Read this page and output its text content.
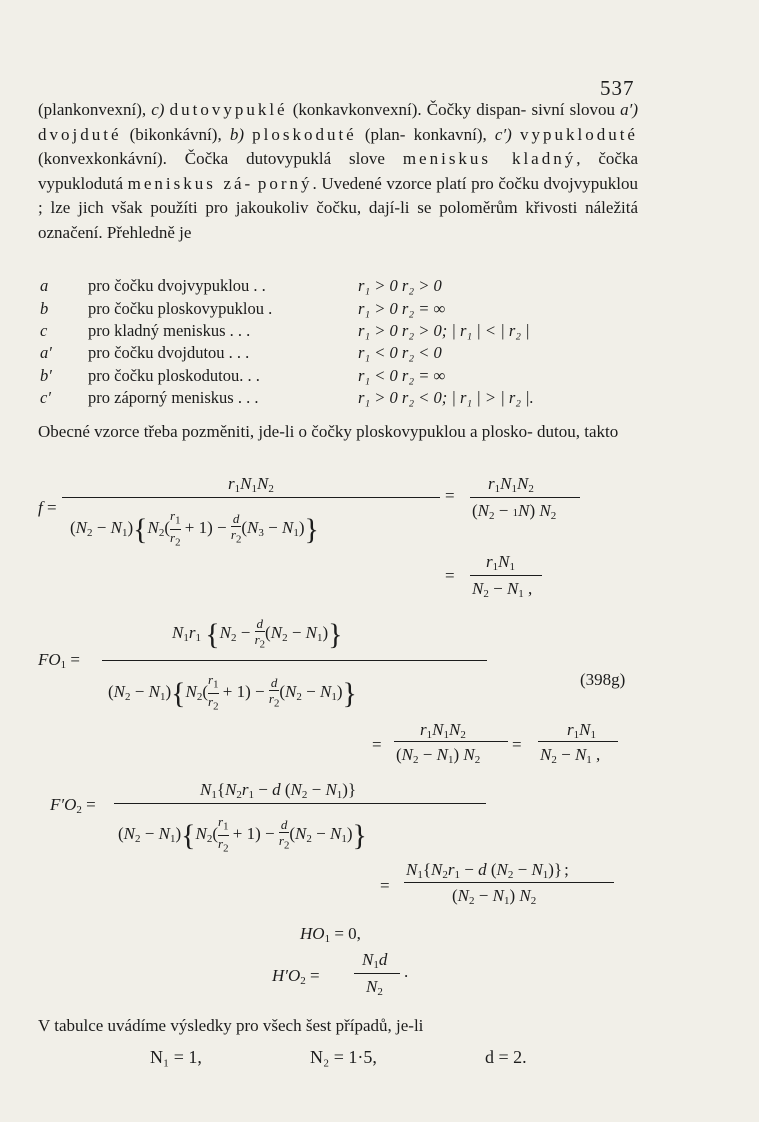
537

(plankonvexní), c) dutovypuklé (konkavkonvexní). Čočky dispan- sivní slovou a′) dvojduté (bikonkávní), b) ploskoduté (plan- konkavní), c′) vypukloduté (konvexkonkávní). Čočka dutovypuklá slove meniskus kladný, čočka vypuklodutá meniskus zá- porný. Uvedené vzorce platí pro čočku dvojvypuklou ; lze jich však použíti pro jakoukoliv čočku, dají-li se poloměrům křivosti náležitá označení. Přehledně je

a	pro čočku dvojvypuklou . .	r₁ > 0 r₂ > 0
b	pro čočku ploskovypuklou .	r₁ > 0 r₂ = ∞
c	pro kladný meniskus . . .	r₁ > 0 r₂ > 0; | r₁ | < | r₂ |
a′	pro čočku dvojdutou . . .	r₁ < 0 r₂ < 0
b′	pro čočku ploskodutou. . .	r₁ < 0 r₂ = ∞
c′	pro záporný meniskus . . .	r₁ > 0 r₂ < 0; | r₁ | > | r₂ |.

Obecné vzorce třeba pozměniti, jde-li o čočky ploskovypuklou a plosko- dutou, takto

f =
$r_1N_1N_2$
$(N_2 - N_1)\{N_2(r_1$

$r_2$
+ $1) - \frac{d}{r_2} (N_3 - N_1)$}
=
$r_1N_1N_2$
$(N_2 - 1N)$ $N_2$
=
$r_1N_1$
$N_2 - N_1$ ,
$N_1r_1$ $\{N_2 - \frac{d}{r_2} (N_2 - N_1)\}$
$FO_1$ =
$(N_2 - N_1)\{N_2(r_1$

$r_2$
+ $1) - \frac{d}{r_2} (N_2 - N_1)$}	(398g)
=
$r_1N_1N_2$
$(N_2 - N_1)$ $N_2$
=
$r_1N_1$
$N_2 - N_1$ ,
$N_1\{N_2r_1 - d$ $(N_2 - N_1)$}
$F'O_2$ =
$(N_2 - N_1)\{N_2(r_1$

$r_2$
+ $1) - \frac{d}{r_2} (N_2 - N_1)$}
=
$N_1\{N_2r_1 - d$ $(N_2 - N_1)$} ;
$(N_2 - N_1)$ $N_2$
$HO_1 = 0$,
$H'O_2$ =
$N_1d$
$N_2$
.

V tabulce uvádíme výsledky pro všech šest případů, je-li

N₁ = 1,	N₂ = 1·5,	d = 2.
